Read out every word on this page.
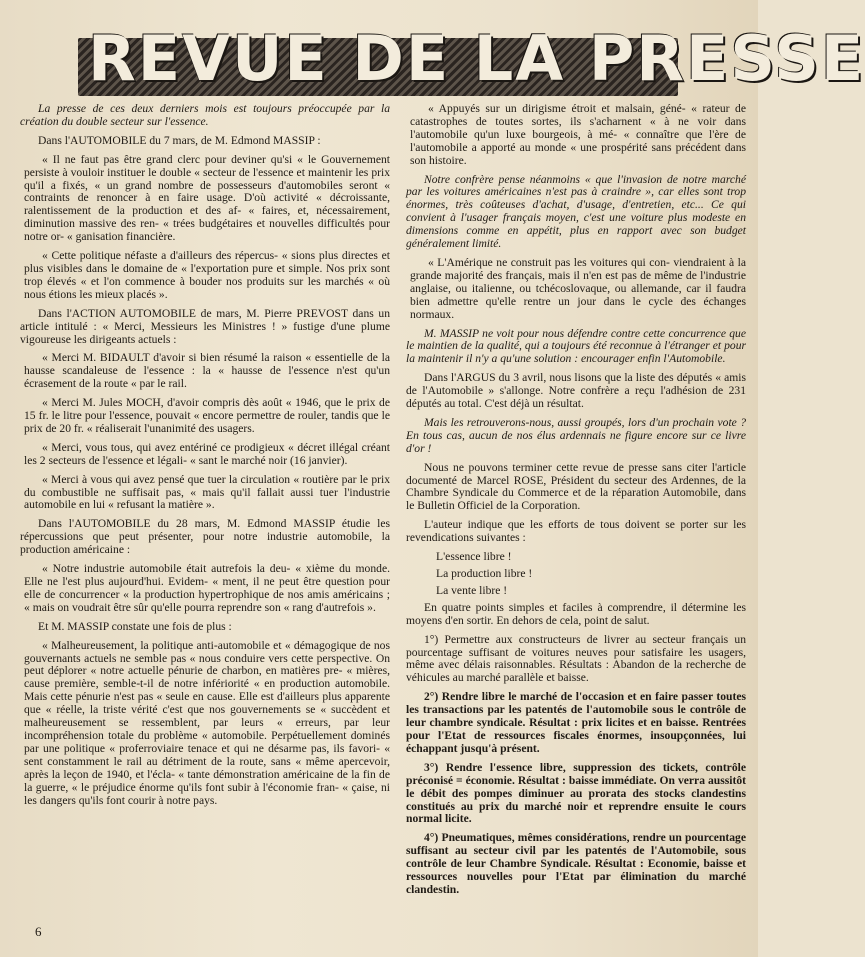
REVUE DE LA PRESSE

La presse de ces deux derniers mois est toujours préoccupée par la création du double secteur sur l'essence.

Dans l'AUTOMOBILE du 7 mars, de M. Edmond MASSIP :

« Il ne faut pas être grand clerc pour deviner qu'si « le Gouvernement persiste à vouloir instituer le double « secteur de l'essence et maintenir les prix qu'il a fixés, « un grand nombre de possesseurs d'automobiles seront « contraints de renoncer à en faire usage. D'où activité « décroissante, ralentissement de la production et des af- « faires, et, nécessairement, diminution massive des ren- « trées budgétaires et nouvelles difficultés pour notre or- « ganisation financière.

« Cette politique néfaste a d'ailleurs des répercus- « sions plus directes et plus visibles dans le domaine de « l'exportation pure et simple. Nos prix sont trop élevés « et l'on commence à bouder nos produits sur les marchés « où nous étions les mieux placés ».

Dans l'ACTION AUTOMOBILE de mars, M. Pierre PREVOST dans un article intitulé : « Merci, Messieurs les Ministres ! » fustige d'une plume vigoureuse les dirigeants actuels :

« Merci M. BIDAULT d'avoir si bien résumé la raison « essentielle de la hausse scandaleuse de l'essence : la « hausse de l'essence n'est qu'un écrasement de la route « par le rail.

« Merci M. Jules MOCH, d'avoir compris dès août « 1946, que le prix de 15 fr. le litre pour l'essence, pouvait « encore permettre de rouler, tandis que le prix de 20 fr. « réaliserait l'unanimité des usagers.

« Merci, vous tous, qui avez entériné ce prodigieux « décret illégal créant les 2 secteurs de l'essence et légali- « sant le marché noir (16 janvier).

« Merci à vous qui avez pensé que tuer la circulation « routière par le prix du combustible ne suffisait pas, « mais qu'il fallait aussi tuer l'industrie automobile en lui « refusant la matière ».

Dans l'AUTOMOBILE du 28 mars, M. Edmond MASSIP étudie les répercussions que peut présenter, pour notre industrie automobile, la production américaine :

« Notre industrie automobile était autrefois la deu- « xième du monde. Elle ne l'est plus aujourd'hui. Evidem- « ment, il ne peut être question pour elle de concurrencer « la production hypertrophique de nos amis américains ; « mais on voudrait être sûr qu'elle pourra reprendre son « rang d'autrefois ».

Et M. MASSIP constate une fois de plus :

« Malheureusement, la politique anti-automobile et « démagogique de nos gouvernants actuels ne semble pas « nous conduire vers cette perspective. On peut déplorer « notre actuelle pénurie de charbon, en matières pre- « mières, cause première, semble-t-il de notre infériorité « en production automobile. Mais cette pénurie n'est pas « seule en cause. Elle est d'ailleurs plus apparente que « réelle, la triste vérité c'est que nos gouvernements se « succèdent et malheureusement se ressemblent, par leurs « erreurs, par leur incompréhension totale du problème « automobile. Perpétuellement dominés par une politique « proferroviaire tenace et qui ne désarme pas, ils favori- « sent constamment le rail au détriment de la route, sans « même apercevoir, après la leçon de 1940, et l'écla- « tante démonstration américaine de la fin de la guerre, « le préjudice énorme qu'ils font subir à l'économie fran- « çaise, ni les dangers qu'ils font courir à notre pays.

« Appuyés sur un dirigisme étroit et malsain, géné- « rateur de catastrophes de toutes sortes, ils s'acharnent « à ne voir dans l'automobile qu'un luxe bourgeois, à mé- « connaître que l'ère de l'automobile a apporté au monde « une prospérité sans précédent dans son histoire.

Notre confrère pense néanmoins « que l'invasion de notre marché par les voitures américaines n'est pas à craindre », car elles sont trop énormes, très coûteuses d'achat, d'usage, d'entretien, etc... Ce qui convient à l'usager français moyen, c'est une voiture plus modeste en dimensions comme en appétit, plus en rapport avec son budget généralement limité.

« L'Amérique ne construit pas les voitures qui con- viendraient à la grande majorité des français, mais il n'en est pas de même de l'industrie anglaise, ou italienne, ou tchécoslovaque, ou allemande, car il faudra bien admettre qu'elle rentre un jour dans le cycle des échanges normaux.

M. MASSIP ne voit pour nous défendre contre cette concurrence que le maintien de la qualité, qui a toujours été reconnue à l'étranger et pour la maintenir il n'y a qu'une solution : encourager enfin l'Automobile.

Dans l'ARGUS du 3 avril, nous lisons que la liste des députés « amis de l'Automobile » s'allonge. Notre confrère a reçu l'adhésion de 231 députés au total. C'est déjà un résultat.

Mais les retrouverons-nous, aussi groupés, lors d'un prochain vote ? En tous cas, aucun de nos élus ardennais ne figure encore sur ce livre d'or !

Nous ne pouvons terminer cette revue de presse sans citer l'article documenté de Marcel ROSE, Président du secteur des Ardennes, de la Chambre Syndicale du Commerce et de la réparation Automobile, dans le Bulletin Officiel de la Corporation.

L'auteur indique que les efforts de tous doivent se porter sur les revendications suivantes :

L'essence libre !

La production libre !

La vente libre !

En quatre points simples et faciles à comprendre, il détermine les moyens d'en sortir. En dehors de cela, point de salut.

1°) Permettre aux constructeurs de livrer au secteur français un pourcentage suffisant de voitures neuves pour satisfaire les usagers, même avec délais raisonnables. Résultats : Abandon de la recherche de véhicules au marché parallèle et baisse.

2°) Rendre libre le marché de l'occasion et en faire passer toutes les transactions par les patentés de l'automobile sous le contrôle de leur chambre syndicale. Résultat : prix licites et en baisse. Rentrées pour l'Etat de ressources fiscales énormes, insoupçonnées, lui échappant jusqu'à présent.

3°) Rendre l'essence libre, suppression des tickets, contrôle préconisé = économie. Résultat : baisse immédiate. On verra aussitôt le débit des pompes diminuer au prorata des stocks clandestins constitués au prix du marché noir et reprendre ensuite le cours normal licite.

4°) Pneumatiques, mêmes considérations, rendre un pourcentage suffisant au secteur civil par les patentés de l'Automobile, sous contrôle de leur Chambre Syndicale. Résultat : Economie, baisse et ressources nouvelles pour l'Etat par élimination du marché clandestin.

6
